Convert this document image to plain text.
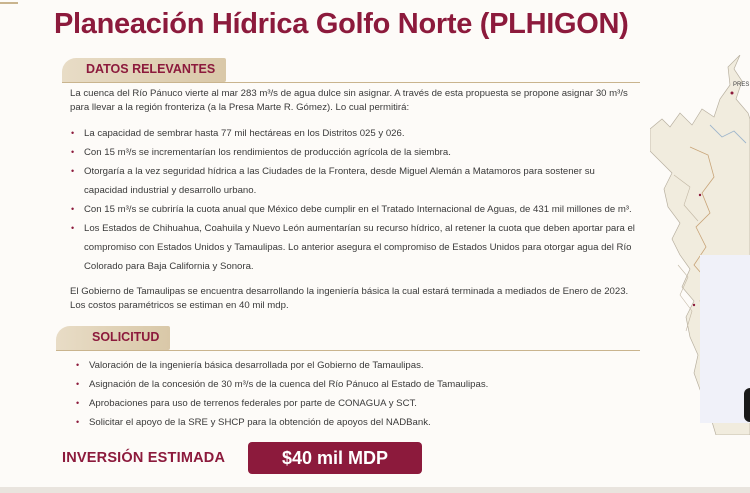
Planeación Hídrica Golfo Norte (PLHIGON)
DATOS RELEVANTES
La cuenca del Río Pánuco vierte al mar 283 m³/s de agua dulce sin asignar. A través de esta propuesta se propone asignar 30 m³/s
para llevar a la región fronteriza (a la Presa Marte R. Gómez). Lo cual permitirá:
• La capacidad de sembrar hasta 77 mil hectáreas en los Distritos 025 y 026.
• Con 15 m³/s se incrementarían los rendimientos de producción agrícola de la siembra.
• Otorgaría a la vez seguridad hídrica a las Ciudades de la Frontera, desde Miguel Alemán a Matamoros para sostener su
capacidad industrial y desarrollo urbano.
• Con 15 m³/s se cubriría la cuota anual que México debe cumplir en el Tratado Internacional de Aguas, de 431 mil millones de m³.
• Los Estados de Chihuahua, Coahuila y Nuevo León aumentarían su recurso hídrico, al retener la cuota que deben aportar para el
compromiso con Estados Unidos y Tamaulipas. Lo anterior asegura el compromiso de Estados Unidos para otorgar agua del Río
Colorado para Baja California y Sonora.
El Gobierno de Tamaulipas se encuentra desarrollando la ingeniería básica la cual estará terminada a mediados de Enero de 2023.
Los costos paramétricos se estiman en 40 mil mdp.
SOLICITUD
• Valoración de la ingeniería básica desarrollada por el Gobierno de Tamaulipas.
• Asignación de la concesión de 30 m³/s de la cuenca del Río Pánuco al Estado de Tamaulipas.
• Aprobaciones para uso de terrenos federales por parte de CONAGUA y SCT.
• Solicitar el apoyo de la SRE y SHCP para la obtención de apoyos del NADBank.
INVERSIÓN ESTIMADA	$40 mil MDP
PRES
